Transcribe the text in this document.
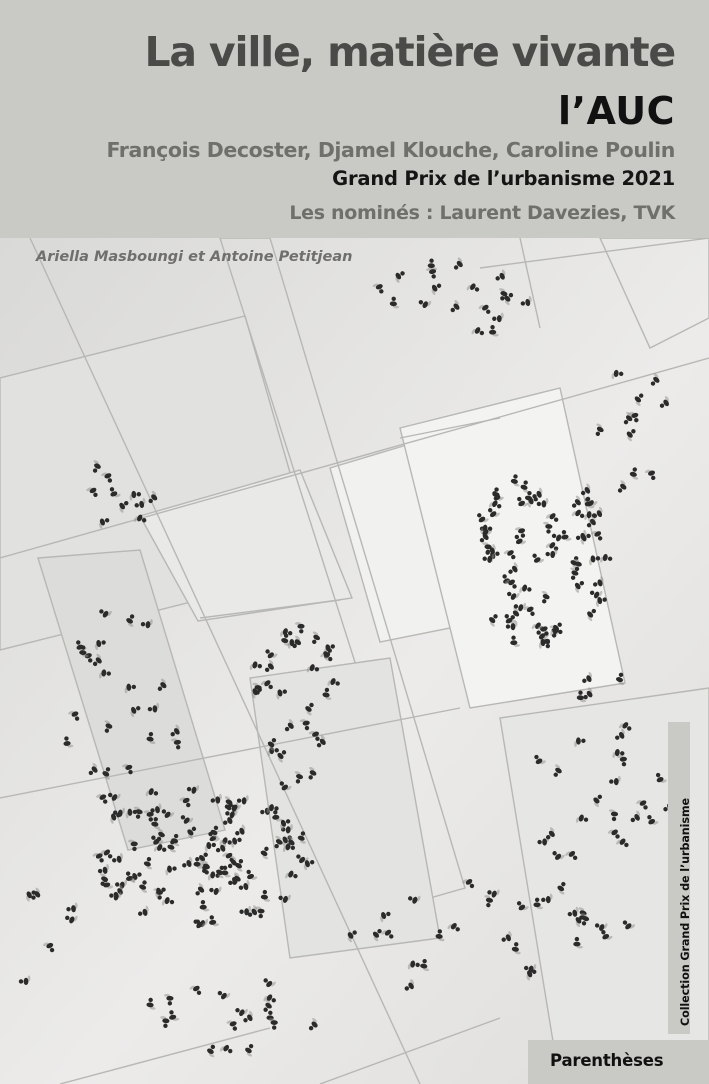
La ville, matière vivante
l’AUC
François Decoster, Djamel Klouche, Caroline Poulin
Grand Prix de l’urbanisme 2021
Les nominés : Laurent Davezies, TVK
Ariella Masboungi et Antoine Petitjean
Collection Grand Prix de l’urbanisme
Parenthèses
